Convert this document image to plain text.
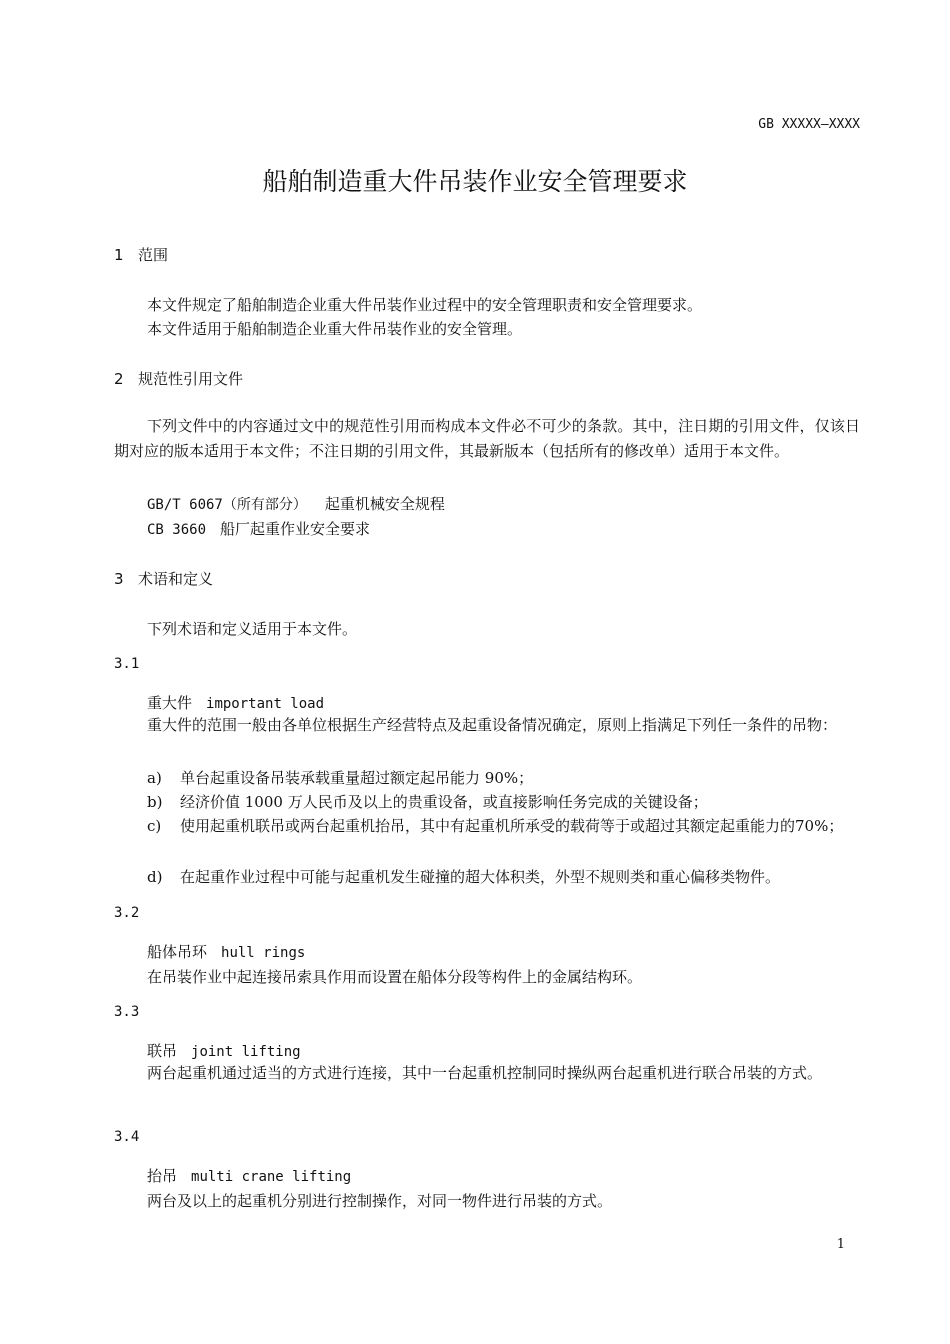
GB XXXXX—XXXX
船舶制造重大件吊装作业安全管理要求
1 范围
本文件规定了船舶制造企业重大件吊装作业过程中的安全管理职责和安全管理要求。
本文件适用于船舶制造企业重大件吊装作业的安全管理。
2 规范性引用文件
下列文件中的内容通过文中的规范性引用而构成本文件必不可少的条款。其中，注日期的引用文件，仅该日期对应的版本适用于本文件；不注日期的引用文件，其最新版本（包括所有的修改单）适用于本文件。
GB/T 6067（所有部分） 起重机械安全规程
CB 3660 船厂起重作业安全要求
3 术语和定义
下列术语和定义适用于本文件。
3.1
重大件 important load
重大件的范围一般由各单位根据生产经营特点及起重设备情况确定，原则上指满足下列任一条件的吊物：
a) 单台起重设备吊装承载重量超过额定起吊能力 90%；
b) 经济价值 1000 万人民币及以上的贵重设备，或直接影响任务完成的关键设备；
c)	使用起重机联吊或两台起重机抬吊，其中有起重机所承受的载荷等于或超过其额定起重能力的70%；
d) 在起重作业过程中可能与起重机发生碰撞的超大体积类，外型不规则类和重心偏移类物件。
3.2
船体吊环 hull rings
在吊装作业中起连接吊索具作用而设置在船体分段等构件上的金属结构环。
3.3
联吊 joint lifting
两台起重机通过适当的方式进行连接，其中一台起重机控制同时操纵两台起重机进行联合吊装的方式。
3.4
抬吊 multi crane lifting
两台及以上的起重机分别进行控制操作，对同一物件进行吊装的方式。
1
